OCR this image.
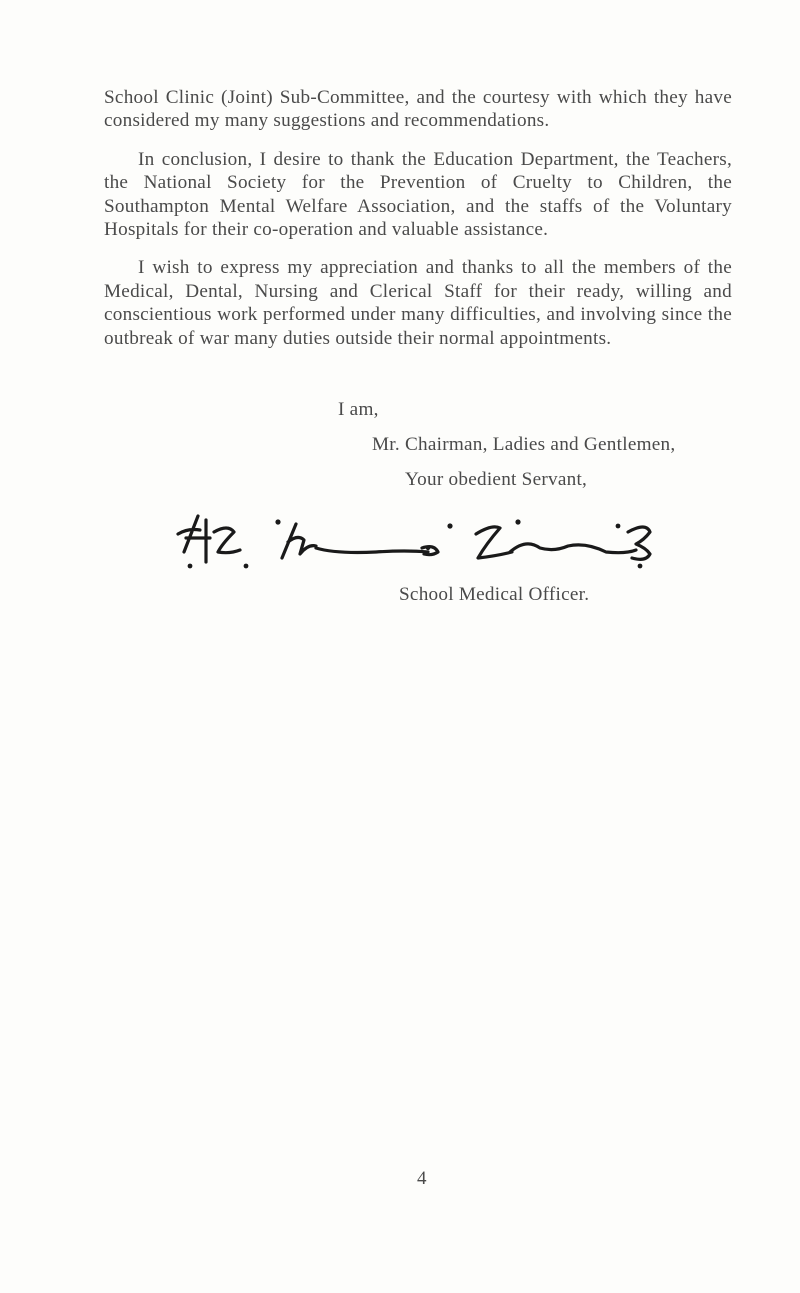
School Clinic (Joint) Sub-Committee, and the courtesy with which they have considered my many suggestions and recommendations.

In conclusion, I desire to thank the Education Department, the Teachers, the National Society for the Prevention of Cruelty to Children, the Southampton Mental Welfare Association, and the staffs of the Voluntary Hospitals for their co-operation and valuable assistance.

I wish to express my appreciation and thanks to all the members of the Medical, Dental, Nursing and Clerical Staff for their ready, willing and conscientious work performed under many difficulties, and involving since the outbreak of war many duties outside their normal appointments.

I am,
Mr. Chairman, Ladies and Gentlemen,
Your obedient Servant,
School Medical Officer.
4
